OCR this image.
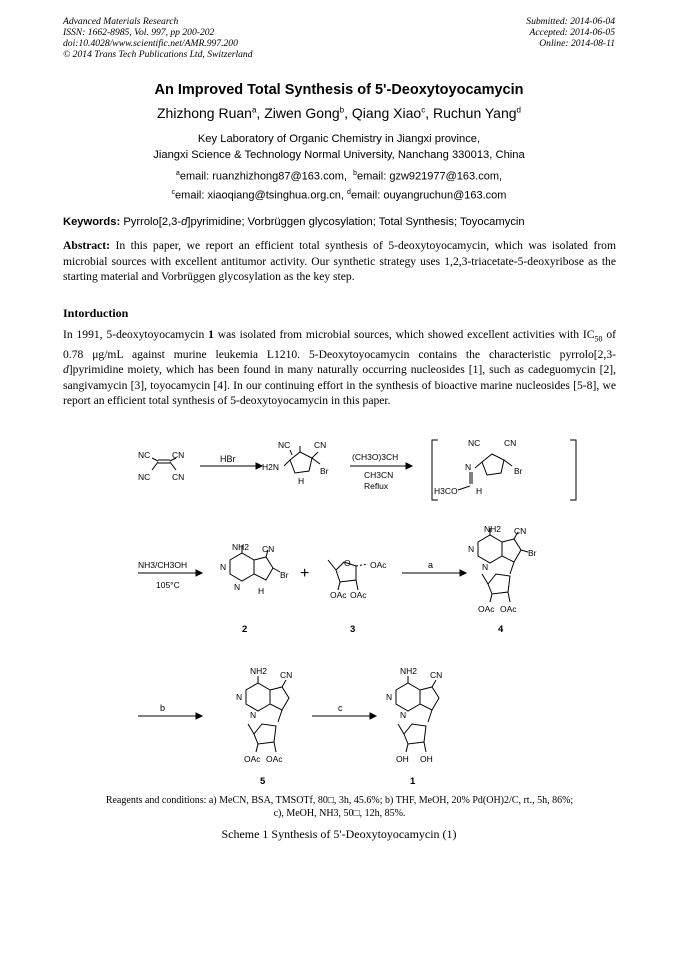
Advanced Materials Research
ISSN: 1662-8985, Vol. 997, pp 200-202
doi:10.4028/www.scientific.net/AMR.997.200
© 2014 Trans Tech Publications Ltd, Switzerland
Submitted: 2014-06-04
Accepted: 2014-06-05
Online: 2014-08-11
An Improved Total Synthesis of 5'-Deoxytoyocamycin
Zhizhong Ruan$^a$, Ziwen Gong$^b$, Qiang Xiao$^c$, Ruchun Yang$^d$
Key Laboratory of Organic Chemistry in Jiangxi province,
Jiangxi Science & Technology Normal University, Nanchang 330013, China
$^a$email: ruanzhizhong87@163.com, $^b$email: gzw921977@163.com,
$^c$email: xiaoqiang@tsinghua.org.cn, $^d$email: ouyangruchun@163.com
Keywords: Pyrrolo[2,3-d]pyrimidine; Vorbrüggen glycosylation; Total Synthesis; Toyocamycin
Abstract: In this paper, we report an efficient total synthesis of 5-deoxytoyocamycin, which was isolated from microbial sources with excellent antitumor activity. Our synthetic strategy uses 1,2,3-triacetate-5-deoxyribose as the starting material and Vorbrüggen glycosylation as the key step.
Intorduction
In 1991, 5-deoxytoyocamycin 1 was isolated from microbial sources, which showed excellent activities with $IC_{50}$ of 0.78 μg/mL against murine leukemia L1210. 5-Deoxytoyocamycin contains the characteristic pyrrolo[2,3-d]pyrimidine moiety, which has been found in many naturally occurring nucleosides [1], such as cadeguomycin [2], sangivamycin [3], toyocamycin [4]. In our continuing effort in the synthesis of bioactive marine nucleosides [5-8], we report an efficient total synthesis of 5-deoxytoyocamycin in this paper.
NC	CN
NC	CN
HBr
NC	CN
H2N	Br
H
(CH3O)3CH
CH3CN
Reflux
NC	CN
N	Br
H3CO H
NH3/CH3OH
105°C
NH2 CN
N
N
Br
H
2
+
O OAc
OAc OAc
3
a
NH2 CN
N
N
Br
OAc OAc
4
b
NH2 CN
N
N
OAc OAc
5
c
NH2 CN
N
N
OH OH
1
Reagents and conditions: a) MeCN, BSA, TMSOTf, 80□, 3h, 45.6%; b) THF, MeOH, 20% Pd(OH)2/C, rt., 5h, 86%;
c), MeOH, NH3, 50□, 12h, 85%.
Scheme 1 Synthesis of 5'-Deoxytoyocamycin (1)
